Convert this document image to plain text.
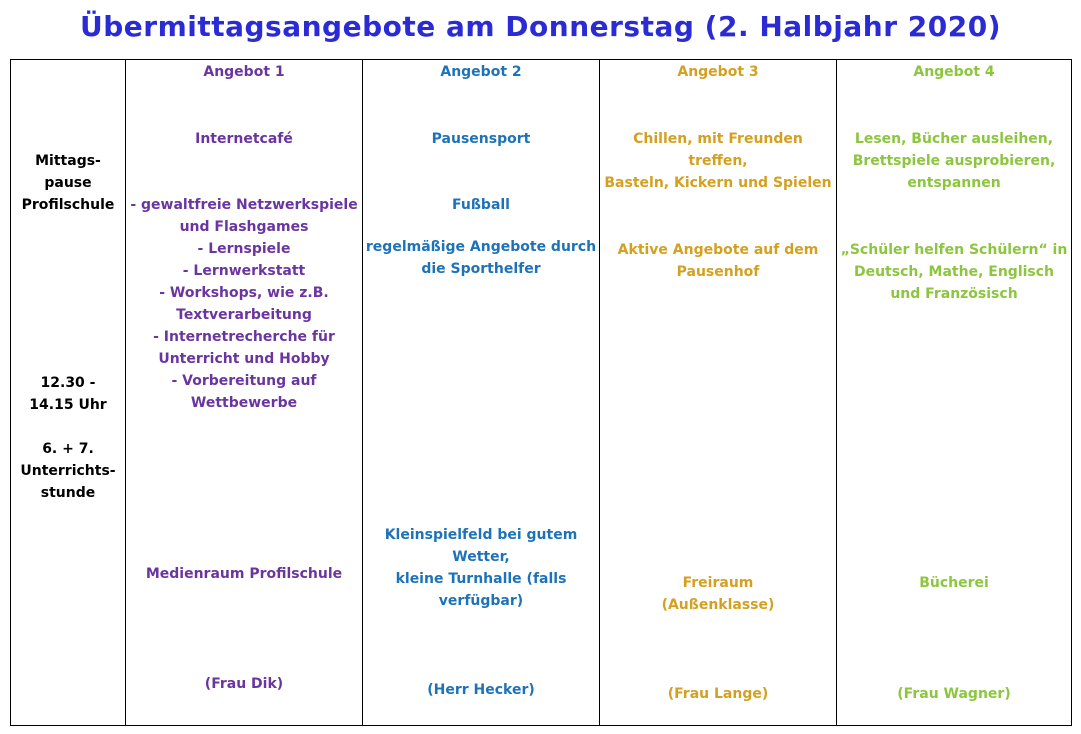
Übermittagsangebote am Donnerstag (2. Halbjahr 2020)
Mittags-
pause
Profilschule
12.30 -
14.15 Uhr
6. + 7.
Unterrichts-
stunde
Angebot 1
Internetcafé
- gewaltfreie Netzwerkspiele
und Flashgames
- Lernspiele
- Lernwerkstatt
- Workshops, wie z.B.
Textverarbeitung
- Internetrecherche für
Unterricht und Hobby
- Vorbereitung auf
Wettbewerbe
Medienraum Profilschule
(Frau Dik)
Angebot 2
Pausensport
Fußball
regelmäßige Angebote durch
die Sporthelfer
Kleinspielfeld bei gutem
Wetter,
kleine Turnhalle (falls
verfügbar)
(Herr Hecker)
Angebot 3
Chillen, mit Freunden
treffen,
Basteln, Kickern und Spielen
Aktive Angebote auf dem
Pausenhof
Freiraum
(Außenklasse)
(Frau Lange)
Angebot 4
Lesen, Bücher ausleihen,
Brettspiele ausprobieren,
entspannen
„Schüler helfen Schülern“ in
Deutsch, Mathe, Englisch
und Französisch
Bücherei
(Frau Wagner)
